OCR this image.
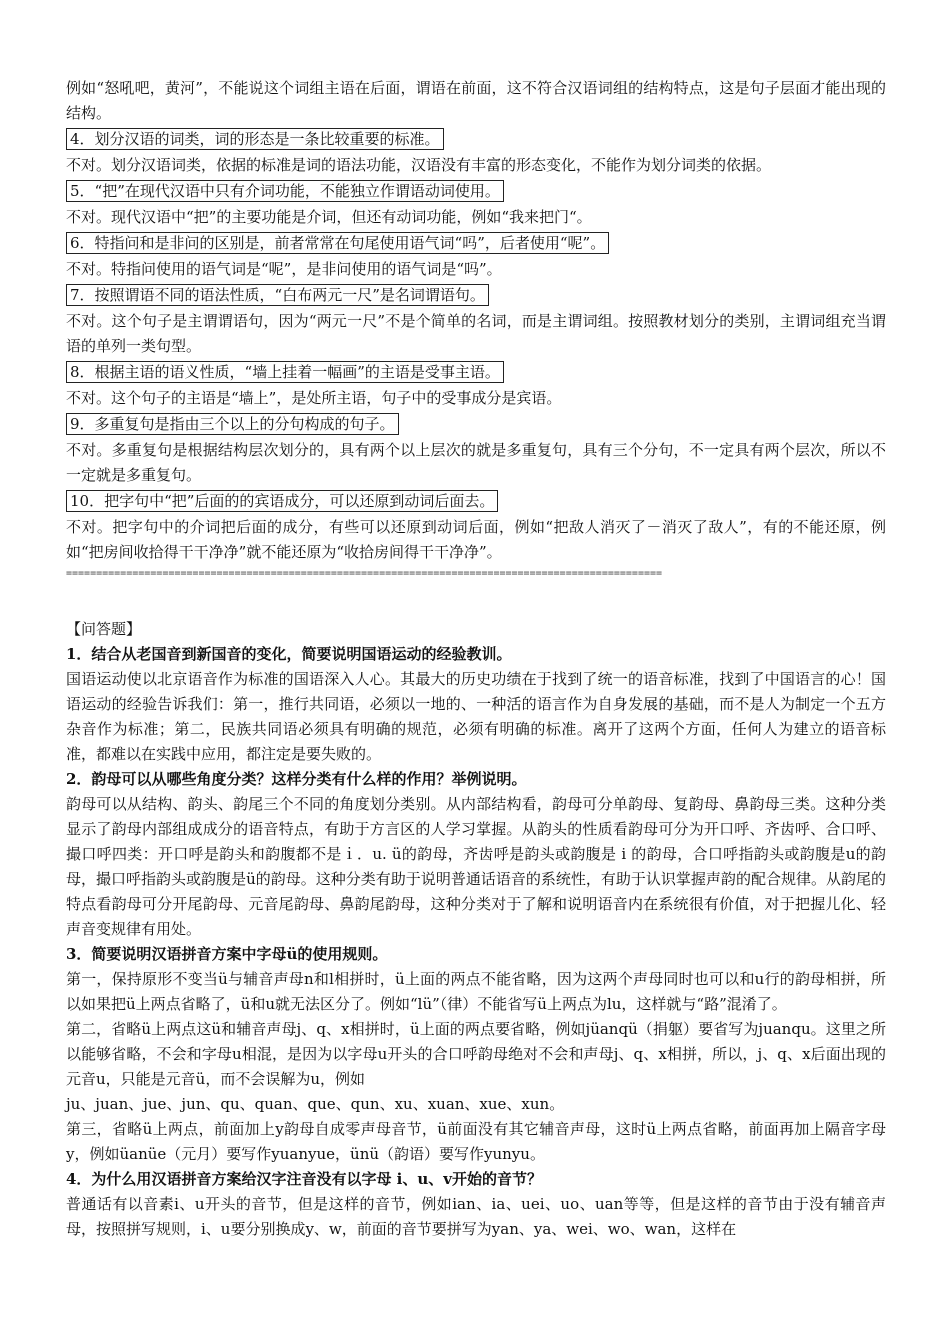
例如“怒吼吧，黄河”，不能说这个词组主语在后面，谓语在前面，这不符合汉语词组的结构特点，这是句子层面才能出现的结构。

4．划分汉语的词类，词的形态是一条比较重要的标准。

不对。划分汉语词类，依据的标准是词的语法功能，汉语没有丰富的形态变化，不能作为划分词类的依据。

5．“把”在现代汉语中只有介词功能，不能独立作谓语动词使用。

不对。现代汉语中“把”的主要功能是介词，但还有动词功能，例如“我来把门“。

6．特指问和是非问的区别是，前者常常在句尾使用语气词“吗”，后者使用“呢”。

不对。特指问使用的语气词是“呢”，是非问使用的语气词是“吗”。

7．按照谓语不同的语法性质，“白布两元一尺”是名词谓语句。

不对。这个句子是主谓谓语句，因为“两元一尺”不是个简单的名词，而是主谓词组。按照教材划分的类别，主谓词组充当谓语的单列一类句型。

8．根据主语的语义性质，“墙上挂着一幅画”的主语是受事主语。

不对。这个句子的主语是“墙上”，是处所主语，句子中的受事成分是宾语。

9．多重复句是指由三个以上的分句构成的句子。

不对。多重复句是根据结构层次划分的，具有两个以上层次的就是多重复句，具有三个分句，不一定具有两个层次，所以不一定就是多重复句。

10．把字句中“把”后面的的宾语成分，可以还原到动词后面去。

不对。把字句中的介词把后面的成分，有些可以还原到动词后面，例如“把敌人消灭了－消灭了敌人”，有的不能还原，例如“把房间收拾得干干净净”就不能还原为“收拾房间得干干净净”。

===================================================================================================

【问答题】

1．结合从老国音到新国音的变化，简要说明国语运动的经验教训。

国语运动使以北京语音作为标准的国语深入人心。其最大的历史功绩在于找到了统一的语音标准，找到了中国语言的心！国语运动的经验告诉我们：第一，推行共同语，必须以一地的、一种活的语言作为自身发展的基础，而不是人为制定一个五方杂音作为标准；第二，民族共同语必须具有明确的规范，必须有明确的标准。离开了这两个方面，任何人为建立的语音标准，都难以在实践中应用，都注定是要失败的。

2．韵母可以从哪些角度分类？这样分类有什么样的作用？举例说明。

韵母可以从结构、韵头、韵尾三个不同的角度划分类别。从内部结构看，韵母可分单韵母、复韵母、鼻韵母三类。这种分类显示了韵母内部组成成分的语音特点，有助于方言区的人学习掌握。从韵头的性质看韵母可分为开口呼、齐齿呼、合口呼、撮口呼四类：开口呼是韵头和韵腹都不是ｉ．u. ü的韵母，齐齿呼是韵头或韵腹是 i 的韵母，合口呼指韵头或韵腹是u的韵母，撮口呼指韵头或韵腹是ü的韵母。这种分类有助于说明普通话语音的系统性，有助于认识掌握声韵的配合规律。从韵尾的特点看韵母可分开尾韵母、元音尾韵母、鼻韵尾韵母，这种分类对于了解和说明语音内在系统很有价值，对于把握儿化、轻声音变规律有用处。

3．简要说明汉语拼音方案中字母ü的使用规则。

第一，保持原形不变当ü与辅音声母n和l相拼时，ü上面的两点不能省略，因为这两个声母同时也可以和u行的韵母相拼，所以如果把ü上两点省略了，ü和u就无法区分了。例如“lü”（律）不能省写ü上两点为lu，这样就与“路”混淆了。

第二，省略ü上两点这ü和辅音声母j、q、x相拼时，ü上面的两点要省略，例如jüanqü（捐躯）要省写为juanqu。这里之所以能够省略，不会和字母u相混，是因为以字母u开头的合口呼韵母绝对不会和声母j、q、x相拼，所以，j、q、x后面出现的元音u，只能是元音ü，而不会误解为u，例如

ju、juan、jue、jun、qu、quan、que、qun、xu、xuan、xue、xun。

第三，省略ü上两点，前面加上y韵母自成零声母音节，ü前面没有其它辅音声母，这时ü上两点省略，前面再加上隔音字母y，例如üanüe（元月）要写作yuanyue，ünü（韵语）要写作yunyu。

4．为什么用汉语拼音方案给汉字注音没有以字母 i、u、v开始的音节？

普通话有以音素i、u开头的音节，但是这样的音节，例如ian、ia、uei、uo、uan等等，但是这样的音节由于没有辅音声母，按照拼写规则，i、u要分别换成y、w，前面的音节要拼写为yan、ya、wei、wo、wan，这样在
